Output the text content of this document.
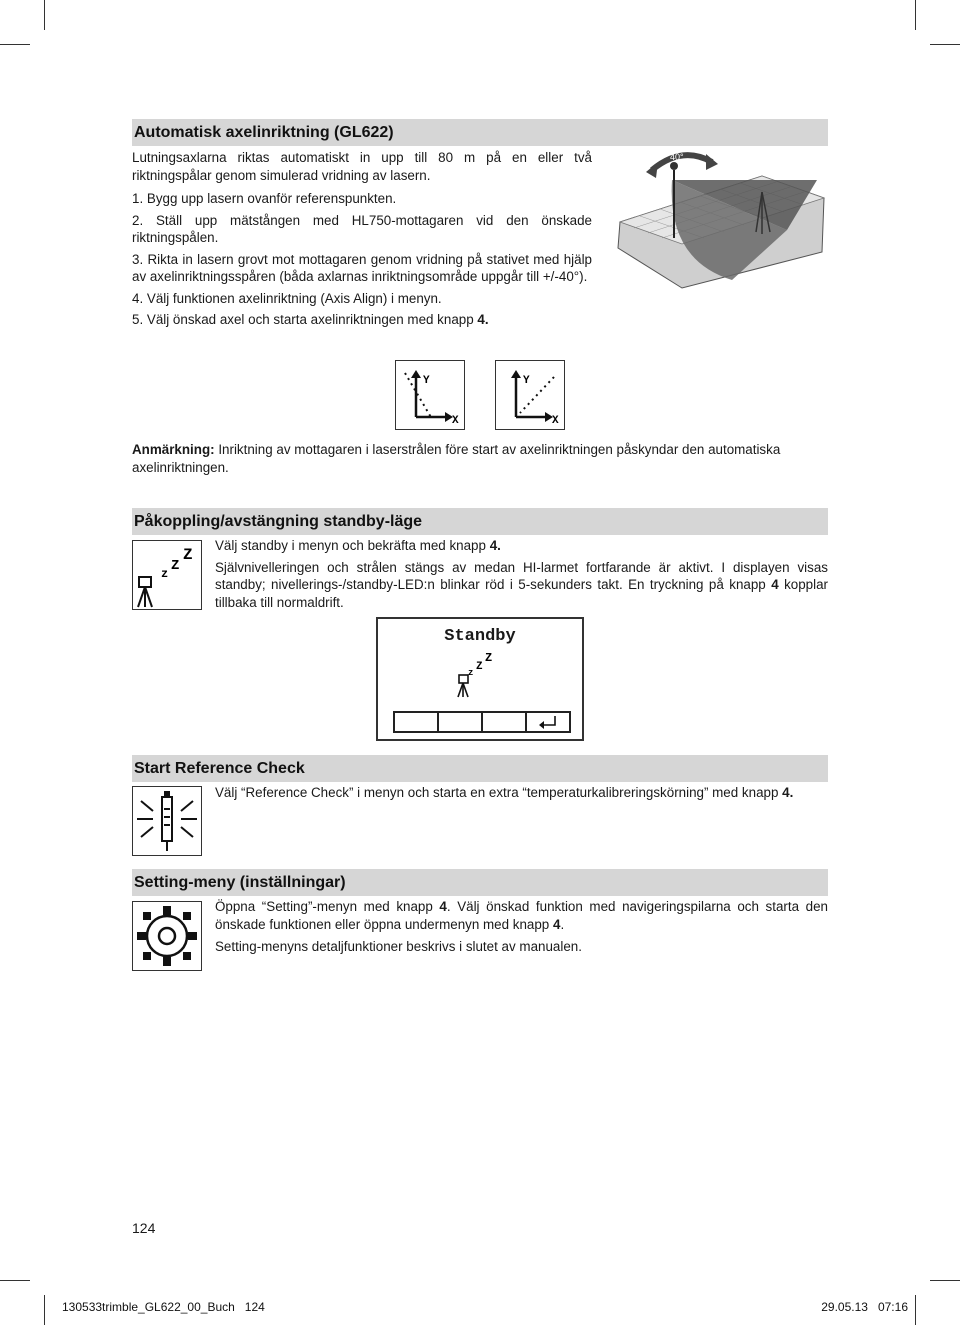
Automatisk axelinriktning (GL622)

Lutningsaxlarna riktas automatiskt in upp till 80 m på en eller två riktningspålar genom simulerad vridning av lasern.

1. Bygg upp lasern ovanför referenspunkten.

2. Ställ upp mätstången med HL750-mottagaren vid den önskade riktningspålen.

3. Rikta in lasern grovt mot mottagaren genom vridning på stativet med hjälp av axelinriktningsspåren (båda axlarnas inriktningsområde uppgår till +/-40°).

4. Välj funktionen axelinriktning (Axis Align) i menyn.

5. Välj önskad axel och starta axelinriktningen med knapp 4.

40°
Y
X
Y
X

Anmärkning: Inriktning av mottagaren i laserstrålen före start av axelinriktningen påskyndar den automatiska axelinriktningen.

Påkoppling/avstängning standby-läge
z Z
Z

Välj standby i menyn och bekräfta med knapp 4.

Självnivelleringen och strålen stängs av medan HI-larmet fortfarande är aktivt. I displayen visas standby; nivellerings-/standby-LED:n blinkar röd i 5-sekunders takt. En tryckning på knapp 4 kopplar tillbaka till normaldrift.

Standby
z Z
Z
Start Reference Check

Välj “Reference Check” i menyn och starta en extra “temperaturkalibreringskörning” med knapp 4.

Setting-meny (inställningar)

Öppna “Setting”-menyn med knapp 4. Välj önskad funktion med navigeringspilarna och starta den önskade funktionen eller öppna undermenyn med knapp 4.

Setting-menyns detaljfunktioner beskrivs i slutet av manualen.

124
130533trimble_GL622_00_Buch   124	29.05.13   07:16
